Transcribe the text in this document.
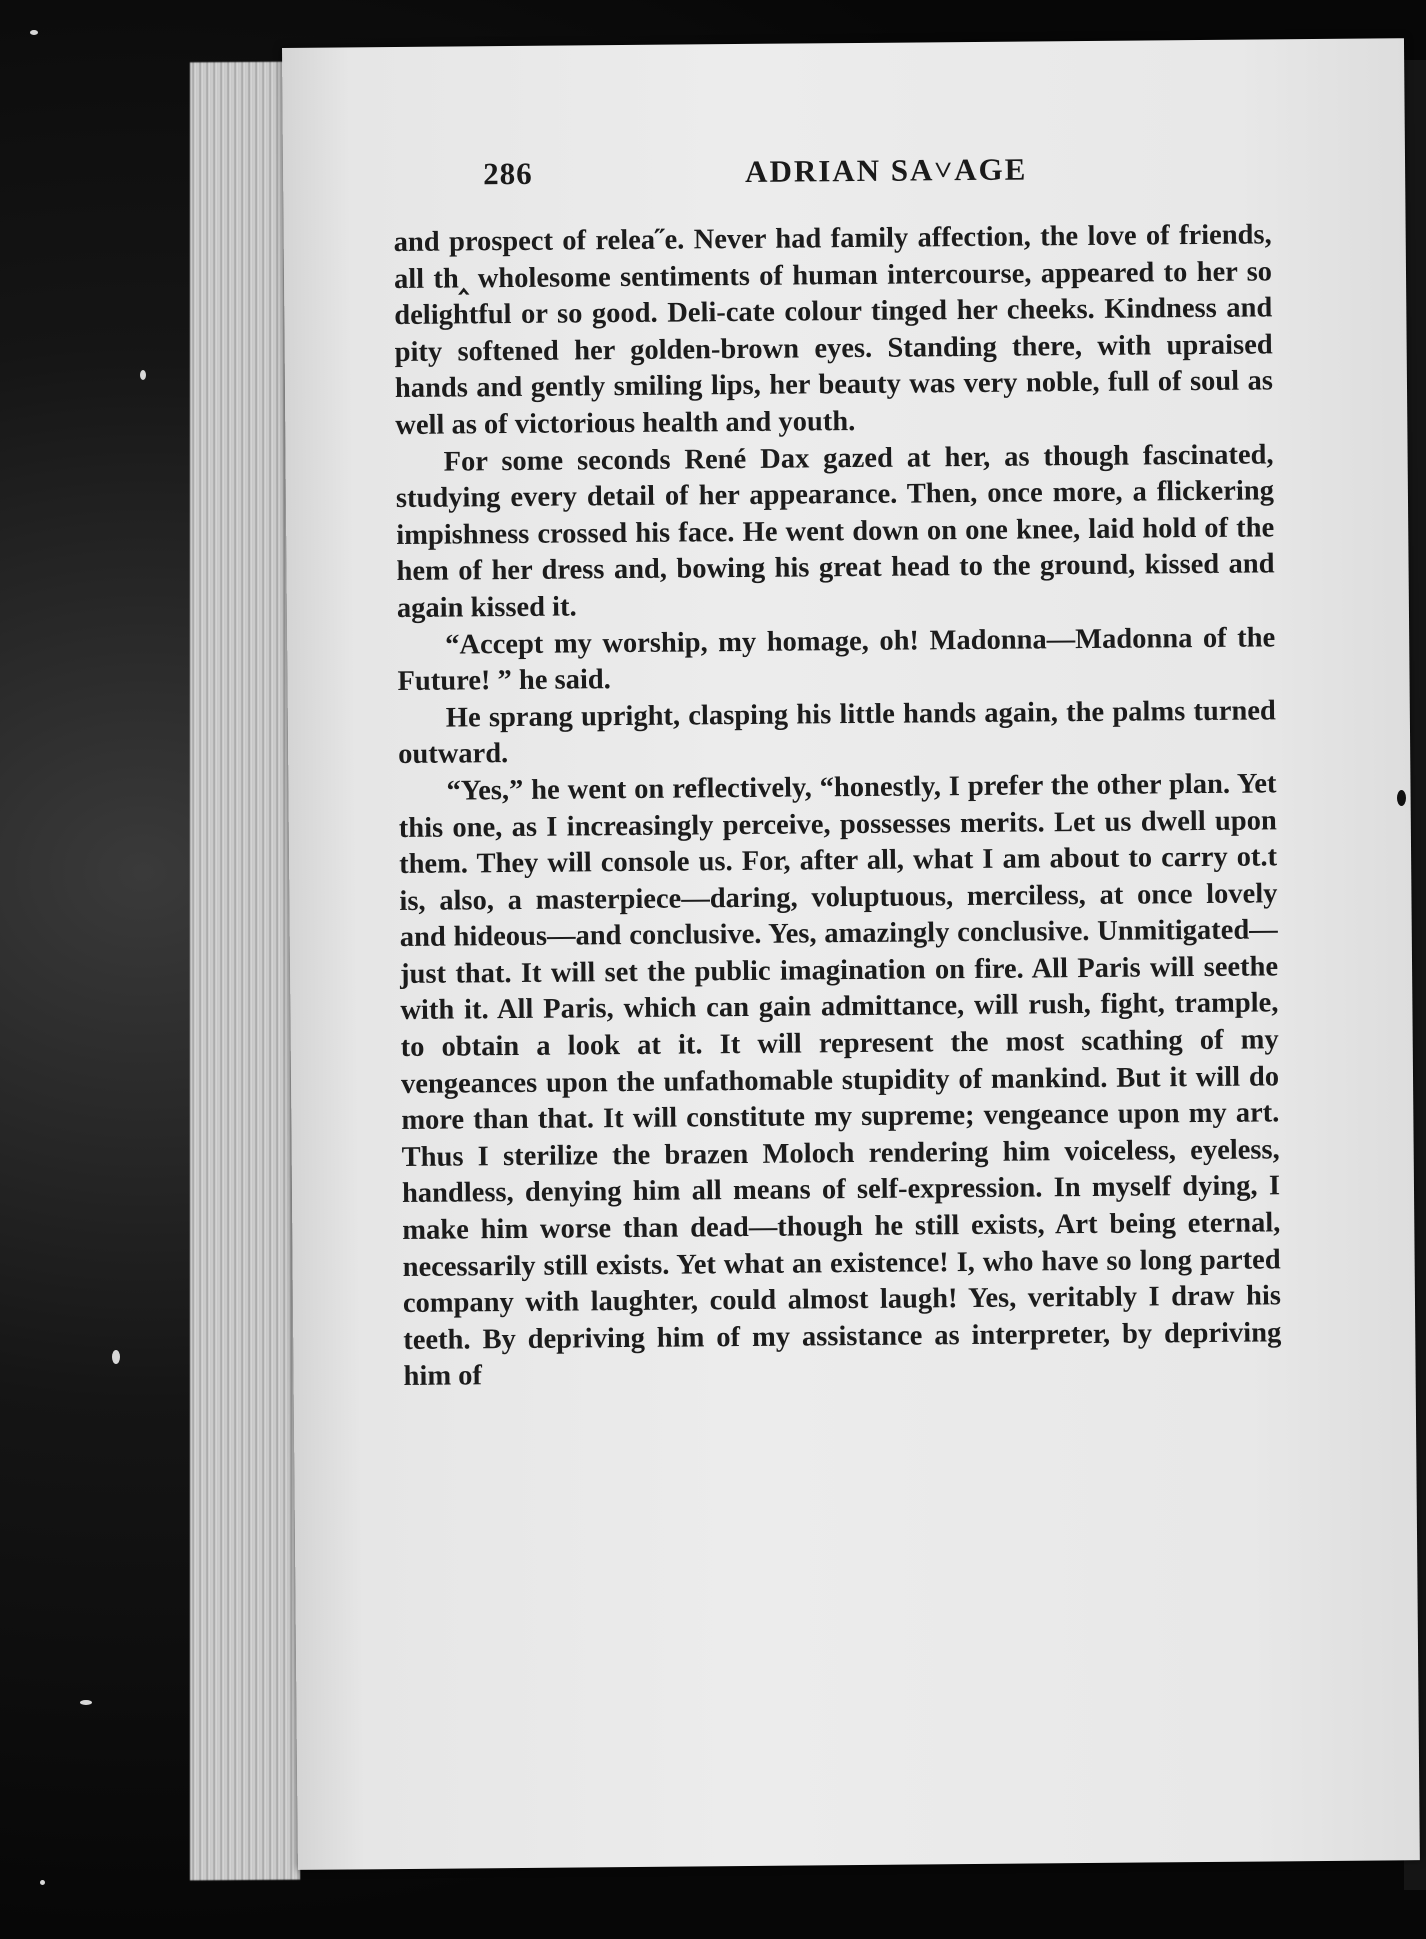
286	ADRIAN SA˅AGE

and prospect of relea˝e. Never had family affection, the love of friends, all th‸ wholesome sentiments of human intercourse, appeared to her so delightful or so good. Deli-cate colour tinged her cheeks. Kindness and pity softened her golden-brown eyes. Standing there, with upraised hands and gently smiling lips, her beauty was very noble, full of soul as well as of victorious health and youth.

For some seconds René Dax gazed at her, as though fascinated, studying every detail of her appearance. Then, once more, a flickering impishness crossed his face. He went down on one knee, laid hold of the hem of her dress and, bowing his great head to the ground, kissed and again kissed it.

“Accept my worship, my homage, oh! Madonna—Madonna of the Future! ” he said.

He sprang upright, clasping his little hands again, the palms turned outward.

“Yes,” he went on reflectively, “honestly, I prefer the other plan. Yet this one, as I increasingly perceive, possesses merits. Let us dwell upon them. They will console us. For, after all, what I am about to carry ot.t is, also, a masterpiece—daring, voluptuous, merciless, at once lovely and hideous—and conclusive. Yes, amazingly conclusive. Unmitigated—just that. It will set the public imagination on fire. All Paris will seethe with it. All Paris, which can gain admittance, will rush, fight, trample, to obtain a look at it. It will represent the most scathing of my vengeances upon the unfathomable stupidity of mankind. But it will do more than that. It will constitute my supreme; vengeance upon my art. Thus I sterilize the brazen Moloch rendering him voiceless, eyeless, handless, denying him all means of self-expression. In myself dying, I make him worse than dead—though he still exists, Art being eternal, necessarily still exists. Yet what an existence! I, who have so long parted company with laughter, could almost laugh! Yes, veritably I draw his teeth. By depriving him of my assistance as interpreter, by depriving him of
